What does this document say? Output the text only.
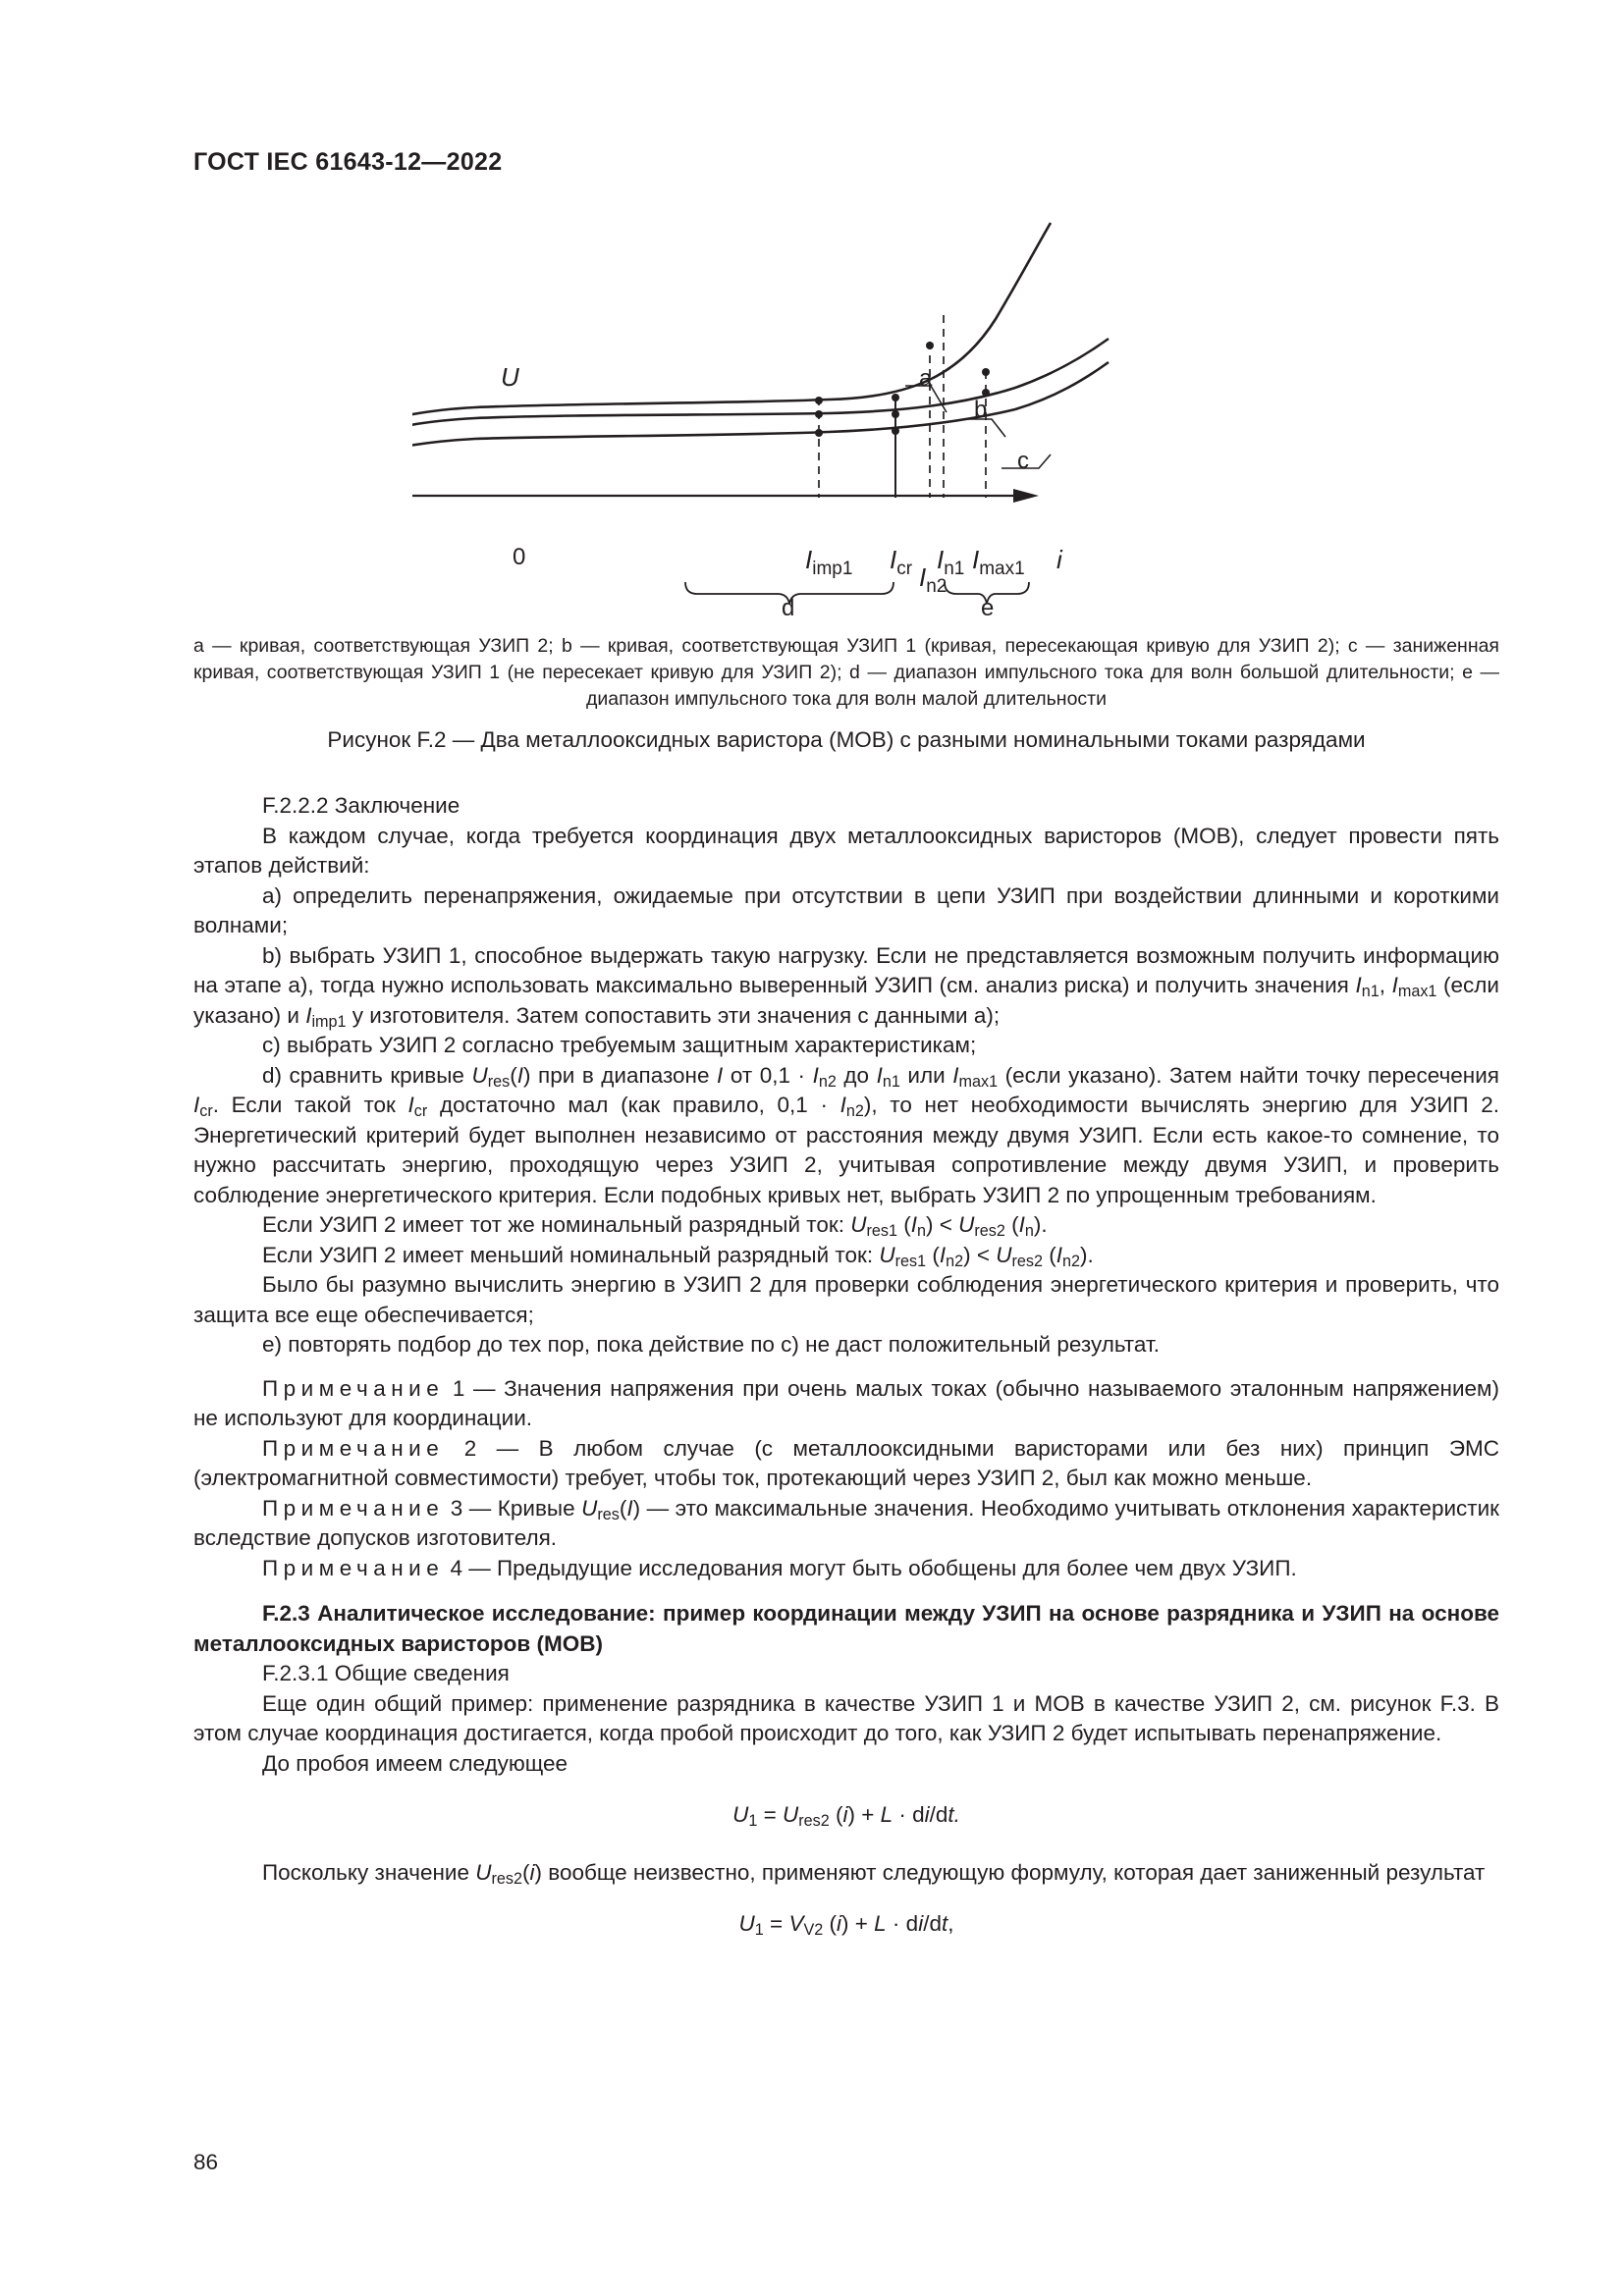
ГОСТ IEC 61643-12—2022
U
i
0
a
b
c
$I_{imp1}$ $I_{cr}$ $I_{n1}$
$I_{n2}$
$I_{max1}$
d	e
а — кривая, соответствующая УЗИП 2; b — кривая, соответствующая УЗИП 1 (кривая, пересекающая кривую для УЗИП 2); с — заниженная кривая, соответствующая УЗИП 1 (не пересекает кривую для УЗИП 2); d — диапазон импульсного тока для волн большой длительности; е — диапазон импульсного тока для волн малой длительности
Рисунок F.2 — Два металлооксидных варистора (МОВ) с разными номинальными токами разрядами

F.2.2.2 Заключение

В каждом случае, когда требуется координация двух металлооксидных варисторов (МОВ), следует провести пять этапов действий:

а) определить перенапряжения, ожидаемые при отсутствии в цепи УЗИП при воздействии длинными и короткими волнами;

b) выбрать УЗИП 1, способное выдержать такую нагрузку. Если не представляется возможным получить информацию на этапе а), тогда нужно использовать максимально выверенный УЗИП (см. анализ риска) и получить значения $I_{n1}$, $I_{max1}$ (если указано) и $I_{imp1}$ у изготовителя. Затем сопоставить эти значения с данными а);

с) выбрать УЗИП 2 согласно требуемым защитным характеристикам;

d) сравнить кривые $U_{res}(I)$ при в диапазоне I от $0,1 \cdot I_{n2}$ до $I_{n1}$ или $I_{max1}$ (если указано). Затем найти точку пересечения $I_{cr}$. Если такой ток $I_{cr}$ достаточно мал (как правило, $0,1 \cdot I_{n2}$), то нет необходимости вычислять энергию для УЗИП 2. Энергетический критерий будет выполнен независимо от расстояния между двумя УЗИП. Если есть какое-то сомнение, то нужно рассчитать энергию, проходящую через УЗИП 2, учитывая сопротивление между двумя УЗИП, и проверить соблюдение энергетического критерия. Если подобных кривых нет, выбрать УЗИП 2 по упрощенным требованиям.

Если УЗИП 2 имеет тот же номинальный разрядный ток: $U_{res1}$ $(I_n) < U_{res2}$ $(I_n)$.

Если УЗИП 2 имеет меньший номинальный разрядный ток: $U_{res1}$ $(I_{n2}) < U_{res2}$ $(I_{n2})$.

Было бы разумно вычислить энергию в УЗИП 2 для проверки соблюдения энергетического критерия и проверить, что защита все еще обеспечивается;

е) повторять подбор до тех пор, пока действие по с) не даст положительный результат.

Примечание 1 — Значения напряжения при очень малых токах (обычно называемого эталонным напряжением) не используют для координации.

Примечание 2 — В любом случае (с металлооксидными варисторами или без них) принцип ЭМС (электромагнитной совместимости) требует, чтобы ток, протекающий через УЗИП 2, был как можно меньше.

Примечание 3 — Кривые $U_{res}(I)$ — это максимальные значения. Необходимо учитывать отклонения характеристик вследствие допусков изготовителя.

Примечание 4 — Предыдущие исследования могут быть обобщены для более чем двух УЗИП.

F.2.3 Аналитическое исследование: пример координации между УЗИП на основе разрядника и УЗИП на основе металлооксидных варисторов (МОВ)

F.2.3.1 Общие сведения

Еще один общий пример: применение разрядника в качестве УЗИП 1 и МОВ в качестве УЗИП 2, см. рисунок F.3. В этом случае координация достигается, когда пробой происходит до того, как УЗИП 2 будет испытывать перенапряжение.

До пробоя имеем следующее

$U_1 = U_{res2}$ (i) + L · di/dt.

Поскольку значение $U_{res2}(i)$ вообще неизвестно, применяют следующую формулу, которая дает заниженный результат

$U_1 = V_{V2}$ (i) + L · di/dt,

86
